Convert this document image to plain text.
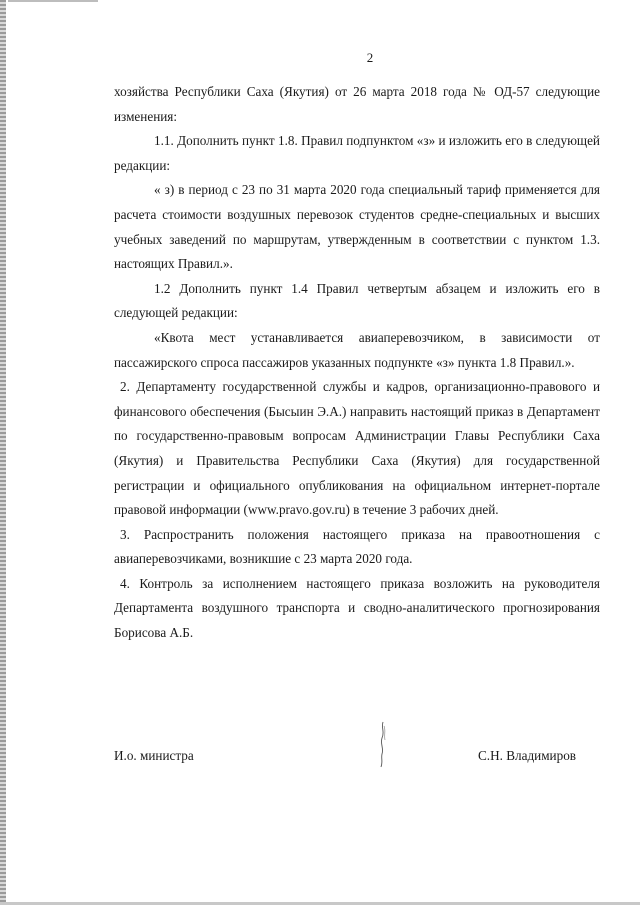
2

хозяйства Республики Саха (Якутия) от 26 марта 2018 года № ОД-57 следующие изменения:

1.1. Дополнить пункт 1.8. Правил подпунктом «з» и изложить его в следующей редакции:

« з) в период с 23 по 31 марта 2020 года специальный тариф применяется для расчета стоимости воздушных перевозок студентов средне-специальных и высших учебных заведений по маршрутам, утвержденным в соответствии с пунктом 1.3. настоящих Правил.».

1.2 Дополнить пункт 1.4 Правил четвертым абзацем и изложить его в следующей редакции:

«Квота мест устанавливается авиаперевозчиком, в зависимости от пассажирского спроса пассажиров указанных подпункте «з» пункта 1.8 Правил.».

2. Департаменту государственной службы и кадров, организационно-правового и финансового обеспечения (Бысыин Э.А.) направить настоящий приказ в Департамент по государственно-правовым вопросам Администрации Главы Республики Саха (Якутия) и Правительства Республики Саха (Якутия) для государственной регистрации и официального опубликования на официальном интернет-портале правовой информации (www.pravo.gov.ru) в течение 3 рабочих дней.

3. Распространить положения настоящего приказа на правоотношения с авиаперевозчиками, возникшие с 23 марта 2020 года.

4. Контроль за исполнением настоящего приказа возложить на руководителя Департамента воздушного транспорта и сводно-аналитического прогнозирования Борисова А.Б.

И.о. министра	С.Н. Владимиров
